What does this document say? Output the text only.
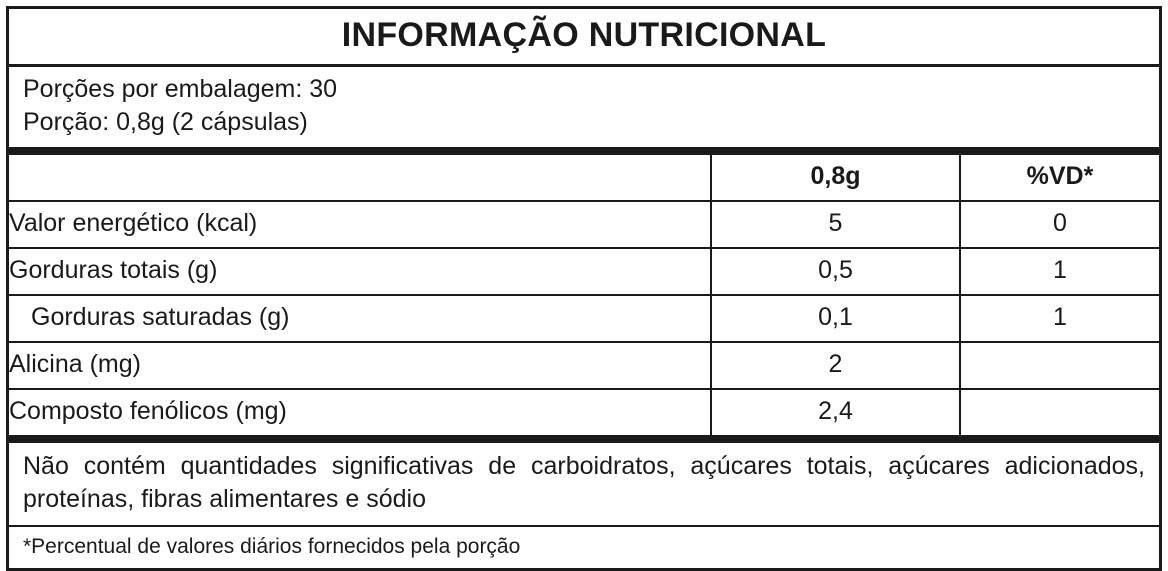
INFORMAÇÃO NUTRICIONAL
Porções por embalagem: 30
Porção: 0,8g (2 cápsulas)
	0,8g	%VD*
Valor energético (kcal)	5	0
Gorduras totais (g)	0,5	1
Gorduras saturadas (g)	0,1	1
Alicina (mg)	2	
Composto fenólicos (mg)	2,4	

Não contém quantidades significativas de carboidratos, açúcares totais, açúcares adicionados, proteínas, fibras alimentares e sódio

*Percentual de valores diários fornecidos pela porção
